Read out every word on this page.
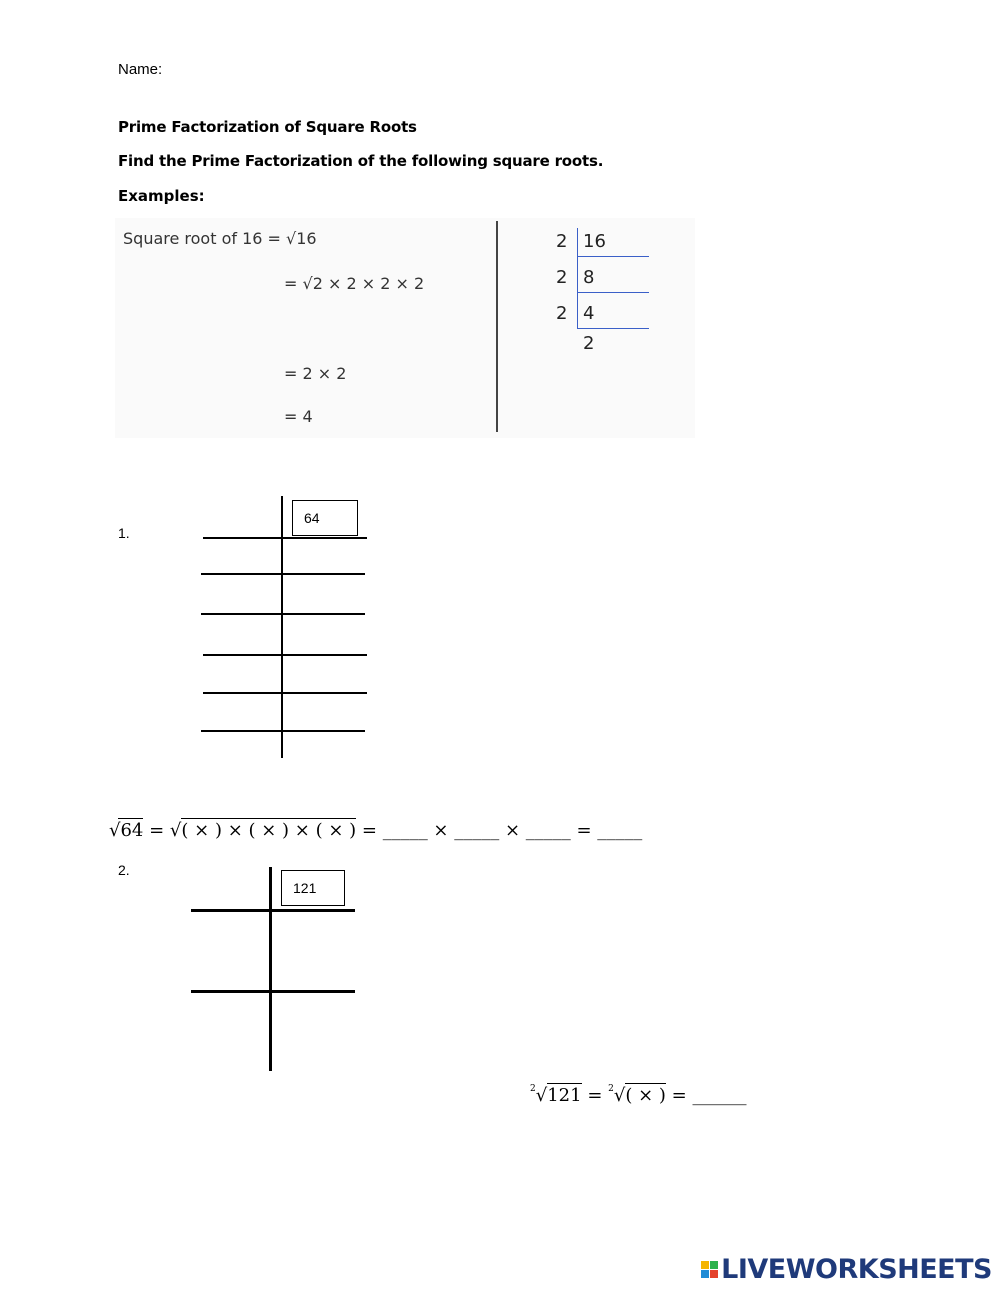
Name:
Prime Factorization of Square Roots
Find the Prime Factorization of the following square roots.
Examples:
Square root of 16 = √16
= √2 × 2 × 2 × 2
= 2 × 2
= 4
2
2
2
16
8
4
2
1.
64
√64 = √( × ) × ( × ) × ( × ) = _____ × _____ × _____ = _____
2.
121
$^2$√121 = $^2$√( × ) = ______
LIVEWORKSHEETS
